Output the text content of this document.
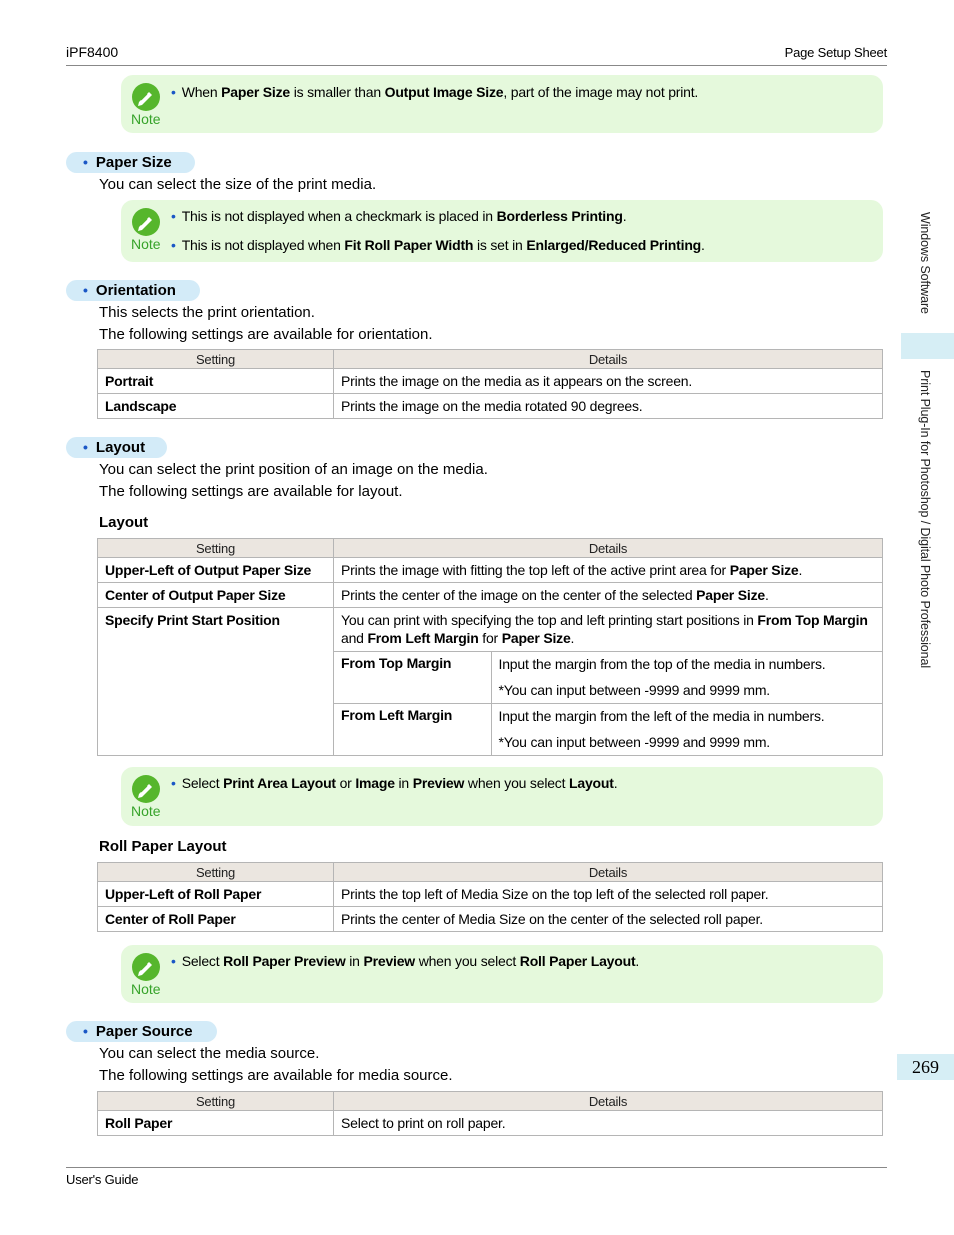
iPF8400	Page Setup Sheet
Windows Software
Print Plug-In for Photoshop / Digital Photo Professional
269
Note
• When Paper Size is smaller than Output Image Size, part of the image may not print.
• Paper Size
You can select the size of the print media.
Note
• This is not displayed when a checkmark is placed in Borderless Printing.
• This is not displayed when Fit Roll Paper Width is set in Enlarged/Reduced Printing.
• Orientation
This selects the print orientation.
The following settings are available for orientation.
Setting	Details
Portrait	Prints the image on the media as it appears on the screen.
Landscape	Prints the image on the media rotated 90 degrees.
• Layout
You can select the print position of an image on the media.
The following settings are available for layout.
Layout
Setting	Details
Upper-Left of Output Paper Size	Prints the image with fitting the top left of the active print area for Paper Size.
Center of Output Paper Size	Prints the center of the image on the center of the selected Paper Size.
Specify Print Start Position	You can print with specifying the top and left printing start positions in From Top Margin and From Left Margin for Paper Size.
From Top Margin	Input the margin from the top of the media in numbers.
*You can input between -9999 and 9999 mm.

From Left Margin	Input the margin from the left of the media in numbers.
*You can input between -9999 and 9999 mm.
Note
• Select Print Area Layout or Image in Preview when you select Layout.
Roll Paper Layout
Setting	Details
Upper-Left of Roll Paper	Prints the top left of Media Size on the top left of the selected roll paper.
Center of Roll Paper	Prints the center of Media Size on the center of the selected roll paper.
Note
• Select Roll Paper Preview in Preview when you select Roll Paper Layout.
• Paper Source
You can select the media source.
The following settings are available for media source.
Setting	Details
Roll Paper	Select to print on roll paper.
User's Guide
